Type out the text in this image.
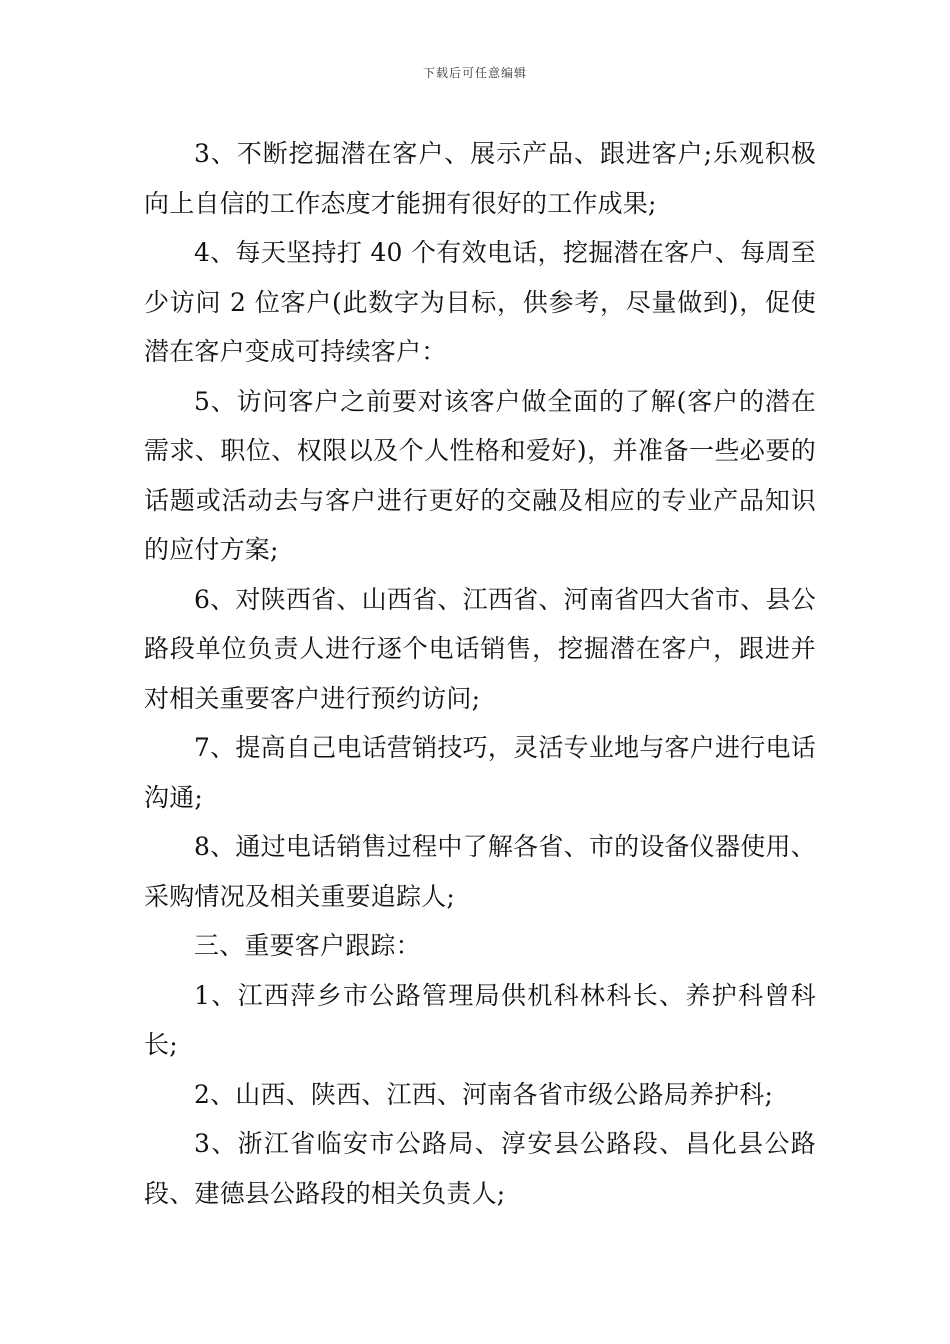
下载后可任意编辑

3、不断挖掘潜在客户、展示产品、跟进客户;乐观积极向上自信的工作态度才能拥有很好的工作成果;

4、每天坚持打 40 个有效电话，挖掘潜在客户、每周至少访问 2 位客户(此数字为目标，供参考，尽量做到)，促使潜在客户变成可持续客户：

5、访问客户之前要对该客户做全面的了解(客户的潜在需求、职位、权限以及个人性格和爱好)，并准备一些必要的话题或活动去与客户进行更好的交融及相应的专业产品知识的应付方案;

6、对陕西省、山西省、江西省、河南省四大省市、县公路段单位负责人进行逐个电话销售，挖掘潜在客户，跟进并对相关重要客户进行预约访问;

7、提高自己电话营销技巧，灵活专业地与客户进行电话沟通;

8、通过电话销售过程中了解各省、市的设备仪器使用、采购情况及相关重要追踪人;

三、重要客户跟踪：

1、江西萍乡市公路管理局供机科林科长、养护科曾科长;

2、山西、陕西、江西、河南各省市级公路局养护科;

3、浙江省临安市公路局、淳安县公路段、昌化县公路段、建德县公路段的相关负责人;
